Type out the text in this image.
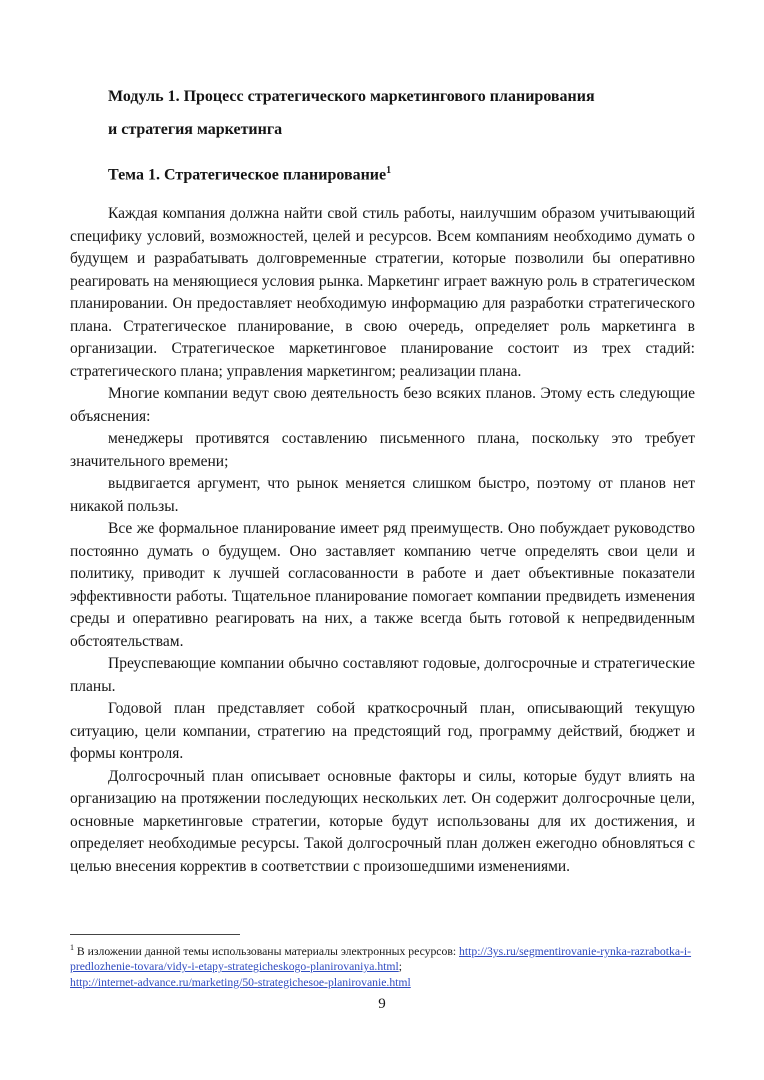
Модуль 1. Процесс стратегического маркетингового планирования
и стратегия маркетинга
Тема 1. Стратегическое планирование$^1$

Каждая компания должна найти свой стиль работы, наилучшим образом учитывающий специфику условий, возможностей, целей и ресурсов. Всем компаниям необходимо думать о будущем и разрабатывать долговременные стратегии, которые позволили бы оперативно реагировать на меняющиеся условия рынка. Маркетинг играет важную роль в стратегическом планировании. Он предоставляет необходимую информацию для разработки стратегического плана. Стратегическое планирование, в свою очередь, определяет роль маркетинга в организации. Стратегическое маркетинговое планирование состоит из трех стадий: стратегического плана; управления маркетингом; реализации плана.

Многие компании ведут свою деятельность безо всяких планов. Этому есть следующие объяснения:

менеджеры противятся составлению письменного плана, поскольку это требует значительного времени;

выдвигается аргумент, что рынок меняется слишком быстро, поэтому от планов нет никакой пользы.

Все же формальное планирование имеет ряд преимуществ. Оно побуждает руководство постоянно думать о будущем. Оно заставляет компанию четче определять свои цели и политику, приводит к лучшей согласованности в работе и дает объективные показатели эффективности работы. Тщательное планирование помогает компании предвидеть изменения среды и оперативно реагировать на них, а также всегда быть готовой к непредвиденным обстоятельствам.

Преуспевающие компании обычно составляют годовые, долгосрочные и стратегические планы.

Годовой план представляет собой краткосрочный план, описывающий текущую ситуацию, цели компании, стратегию на предстоящий год, программу действий, бюджет и формы контроля.

Долгосрочный план описывает основные факторы и силы, которые будут влиять на организацию на протяжении последующих нескольких лет. Он содержит долгосрочные цели, основные маркетинговые стратегии, которые будут использованы для их достижения, и определяет необходимые ресурсы. Такой долгосрочный план должен ежегодно обновляться с целью внесения корректив в соответствии с произошедшими изменениями.

$^1$ В изложении данной темы использованы материалы электронных ресурсов: http://3ys.ru/segmentirovanie-rynka-razrabotka-i-predlozhenie-tovara/vidy-i-etapy-strategicheskogo-planirovaniya.html;
http://internet-advance.ru/marketing/50-strategichesoe-planirovanie.html
9
